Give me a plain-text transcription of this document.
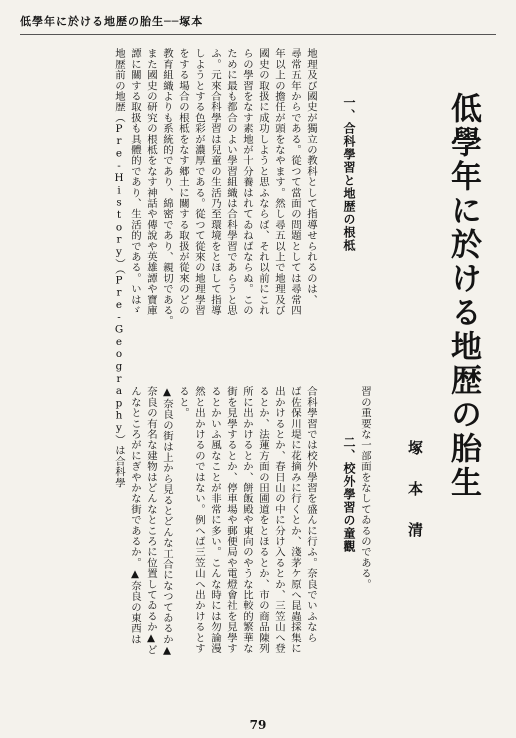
低學年に於ける地歴の胎生──塚本
低學年に於ける地歴の胎生
塚本清
一、合科學習と地歴の根柢
地理及び國史が獨立の教科として指導せられるのは、
尋常五年からである。從つて當面の問題としては尋常四
年以上の擔任が頭をなやます。然し尋五以上で地理及び
國史の取扱に成功しようと思ふならば、それ以前にこれ
らの學習をなす素地が十分養はれてゐねばならぬ。この
ために最も都合のよい學習組織は合科學習であらうと思
ふ。元來合科學習は兒童の生活乃至環境をとほして指導
しようとする色彩が濃厚である。從つて從來の地理學習
をする場合の根柢をなす郷土に關する取扱が從來のどの
教育組織よりも系統的であり、綿密であり、親切である。
また國史の研究の根柢をなす神話や傳說や英雄譚や寶庫
譚に關する取扱も具體的であり、生活的である。いはゞ
地歴前の地歴（Pre-History）（Pre-Geography）は合科學	習の重要な一部面をなしてゐるのである。
二、校外學習の童觀
合科學習では校外學習を盛んに行ふ。奈良でいふなら
ば佐保川堤に花摘みに行くとか、淺茅ケ原へ昆蟲採集に
出かけるとか、春日山の中に分け入るとか、三笠山へ登
るとか、法蓮方面の田圃道をとほるとか、市の商品陳列
所に出かけるとか、餅飯殿や東向のやうな比較的繁華な
街を見學するとか、停車場や郵便局や電燈會社を見學す
るとかいふ風なことが非常に多い。こんな時には勿論漫
然と出かけるのではない。例へば三笠山へ出かけるとす
ると。
▲奈良の街は上から見るとどんな工合になつてゐるか▲
奈良の有名な建物はどんなところに位置してゐるか▲ど
んなところがにぎやかな街であるか。▲奈良の東西は
79
